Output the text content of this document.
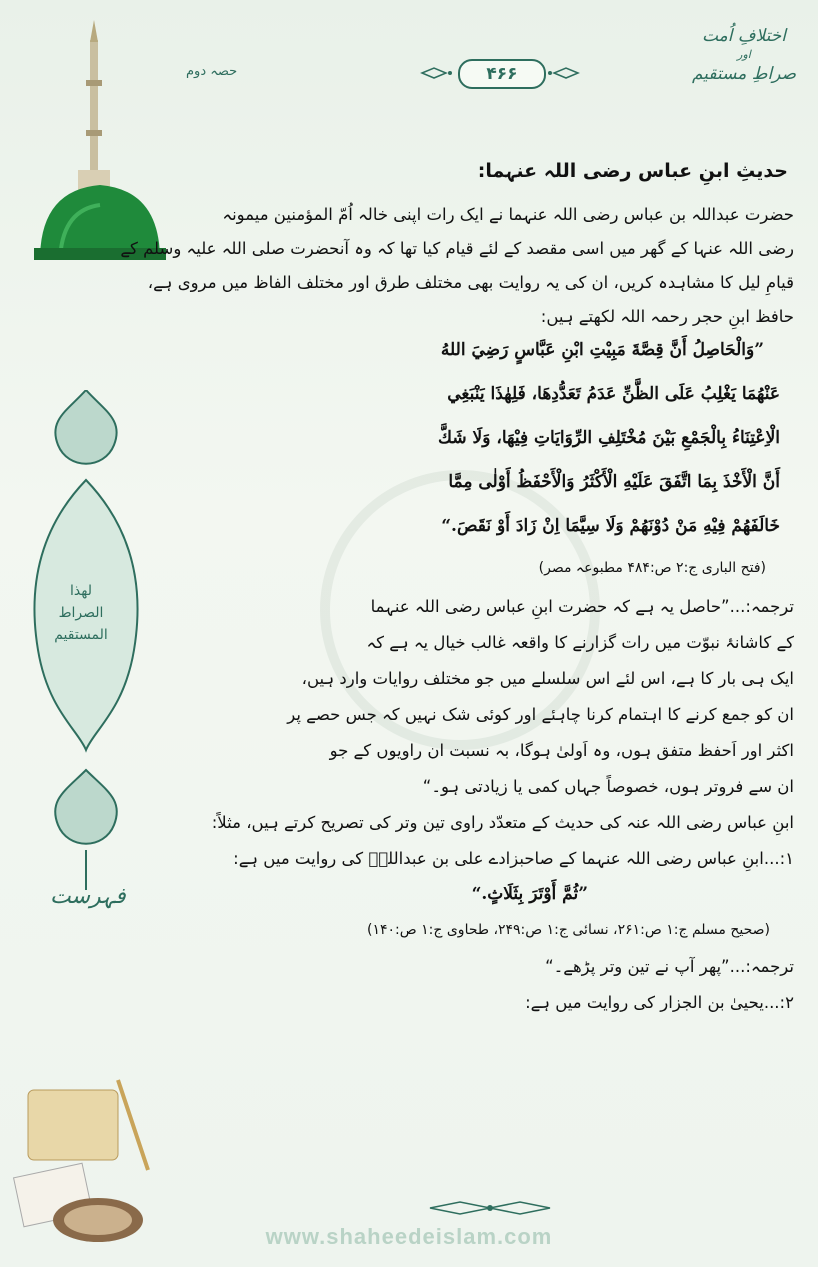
اختلافِ اُمت
اور
صراطِ مستقیم
حصہ دوم	۴۶۶
لهذا الصراط المستقیم
فہرست
حدیثِ ابنِ عباس رضی اللہ عنہما:
حضرت عبداللہ بن عباس رضی اللہ عنہما نے ایک رات اپنی خالہ اُمّ المؤمنین میمونہ
رضی اللہ عنہا کے گھر میں اسی مقصد کے لئے قیام کیا تھا کہ وہ آنحضرت صلی اللہ علیہ وسلم کے
قیامِ لیل کا مشاہدہ کریں، ان کی یہ روایت بھی مختلف طرق اور مختلف الفاظ میں مروی ہے،
حافظ ابنِ حجر رحمہ اللہ لکھتے ہیں:
”وَالْحَاصِلُ أَنَّ قِصَّةَ مَبِيْتِ ابْنِ عَبَّاسٍ رَضِيَ اللهُ
عَنْهُمَا يَغْلِبُ عَلَى الظَّنِّ عَدَمُ تَعَدُّدِهَا، فَلِهٰذَا يَنْبَغِي
الْاِعْتِنَاءُ بِالْجَمْعِ بَيْنَ مُخْتَلِفِ الرِّوَايَاتِ فِيْهَا، وَلَا شَكَّ
أَنَّ الْأَخْذَ بِمَا اتَّفَقَ عَلَيْهِ الْأَكْثَرُ وَالْأَحْفَظُ أَوْلٰى مِمَّا
خَالَفَهُمْ فِيْهِ مَنْ دُوْنَهُمْ وَلَا سِيَّمَا اِنْ زَادَ أَوْ نَقَصَ.“
(فتح الباری ج:۲ ص:۴۸۴ مطبوعہ مصر)
ترجمہ:...”حاصل یہ ہے کہ حضرت ابنِ عباس رضی اللہ عنہما
کے کاشانۂ نبوّت میں رات گزارنے کا واقعہ غالب خیال یہ ہے کہ
ایک ہی بار کا ہے، اس لئے اس سلسلے میں جو مختلف روایات وارد ہیں،
ان کو جمع کرنے کا اہتمام کرنا چاہئے اور کوئی شک نہیں کہ جس حصے پر
اکثر اور اَحفظ متفق ہوں، وہ اَولیٰ ہوگا، بہ نسبت ان راویوں کے جو
ان سے فروتر ہوں، خصوصاً جہاں کمی یا زیادتی ہو۔“
ابنِ عباس رضی اللہ عنہ کی حدیث کے متعدّد راوی تین وتر کی تصریح کرتے ہیں، مثلاً:
۱:...ابنِ عباس رضی اللہ عنہما کے صاحبزادے علی بن عبداللہؒ کی روایت میں ہے:
”ثُمَّ أَوْتَرَ بِثَلَاثٍ.“
(صحیح مسلم ج:۱ ص:۲۶۱، نسائی ج:۱ ص:۲۴۹، طحاوی ج:۱ ص:۱۴۰)
ترجمہ:...”پھر آپ نے تین وتر پڑھے۔“
۲:...یحییٰ بن الجزار کی روایت میں ہے:
www.shaheedeislam.com
